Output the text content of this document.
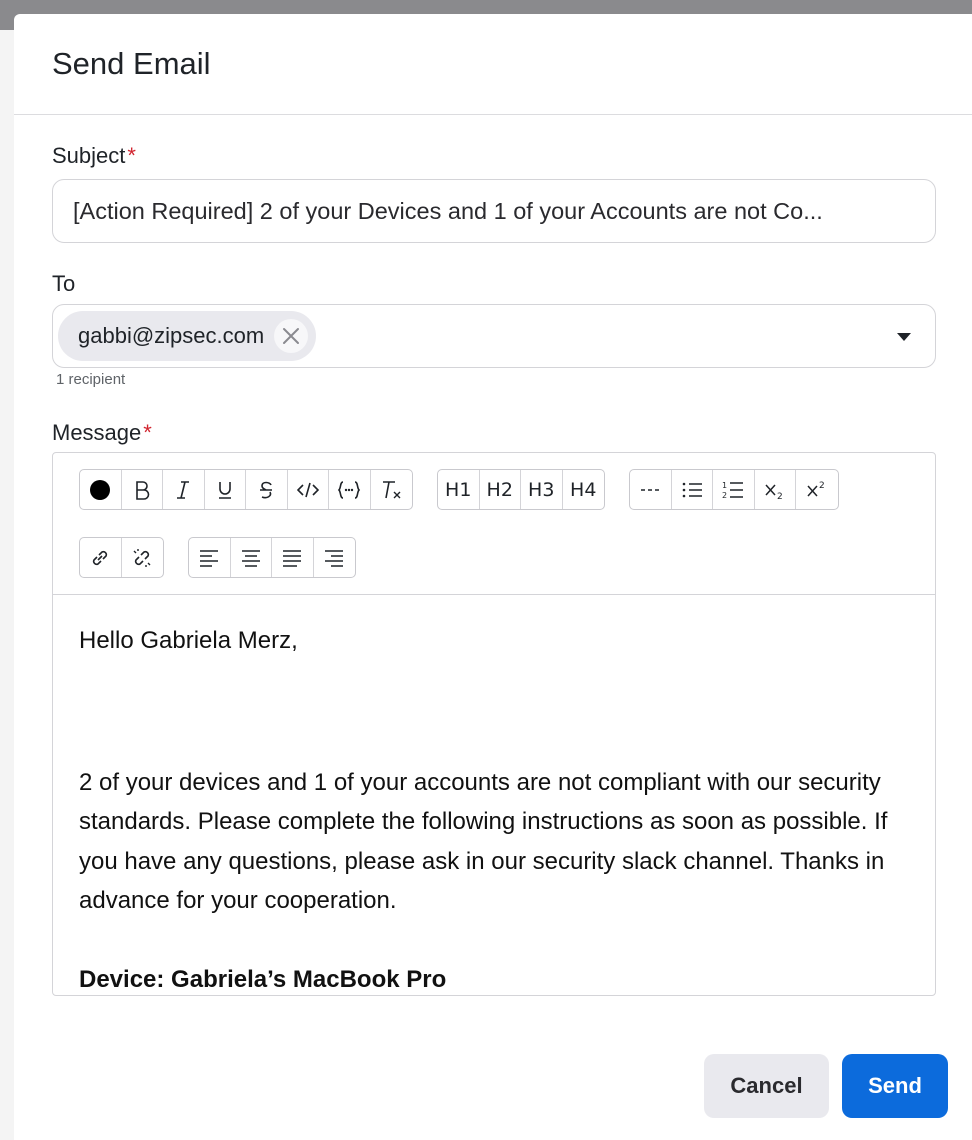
Send Email
Subject*
[Action Required] 2 of your Devices and 1 of your Accounts are not Co...
To
gabbi@zipsec.com
1 recipient
Message*
H1 H2 H3 H4	1
2	2
2

Hello Gabriela Merz,

2 of your devices and 1 of your accounts are not compliant with our security standards. Please complete the following instructions as soon as possible. If you have any questions, please ask in our security slack channel. Thanks in advance for your cooperation.

Device: Gabriela’s MacBook Pro

Cancel	Send
